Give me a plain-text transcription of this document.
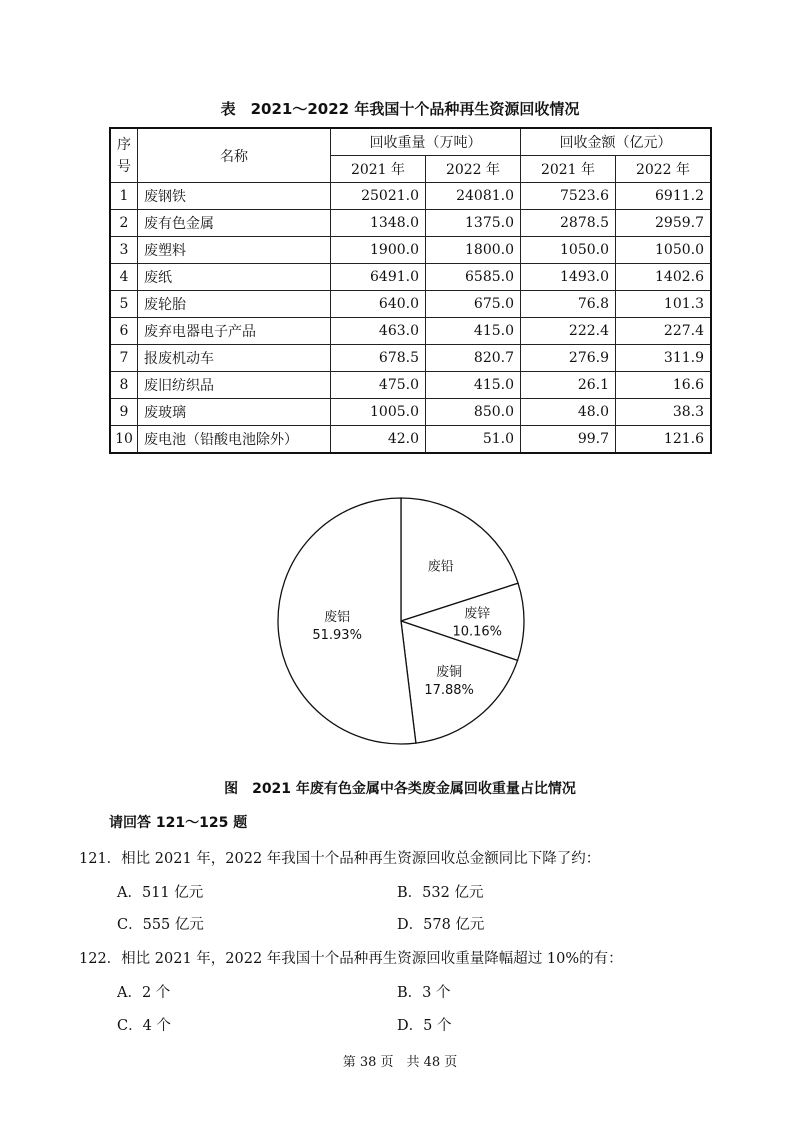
表　2021～2022 年我国十个品种再生资源回收情况
序
号	名称	回收重量（万吨）		回收金额（亿元）	
		2021 年	2022 年	2021 年	2022 年
1	废钢铁	25021.0	24081.0	7523.6	6911.2
2	废有色金属	1348.0	1375.0	2878.5	2959.7
3	废塑料	1900.0	1800.0	1050.0	1050.0
4	废纸	6491.0	6585.0	1493.0	1402.6
5	废轮胎	640.0	675.0	76.8	101.3
6	废弃电器电子产品	463.0	415.0	222.4	227.4
7	报废机动车	678.5	820.7	276.9	311.9
8	废旧纺织品	475.0	415.0	26.1	16.6
9	废玻璃	1005.0	850.0	48.0	38.3
10	废电池（铅酸电池除外）	42.0	51.0	99.7	121.6
废铅
废锌
10.16%
废铜
17.88%
废铝
51.93%
图　2021 年废有色金属中各类废金属回收重量占比情况
请回答 121～125 题
121．相比 2021 年，2022 年我国十个品种再生资源回收总金额同比下降了约：
A．511 亿元	B．532 亿元
C．555 亿元	D．578 亿元
122．相比 2021 年，2022 年我国十个品种再生资源回收重量降幅超过 10%的有：
A．2 个	B．3 个
C．4 个	D．5 个
第 38 页　共 48 页
